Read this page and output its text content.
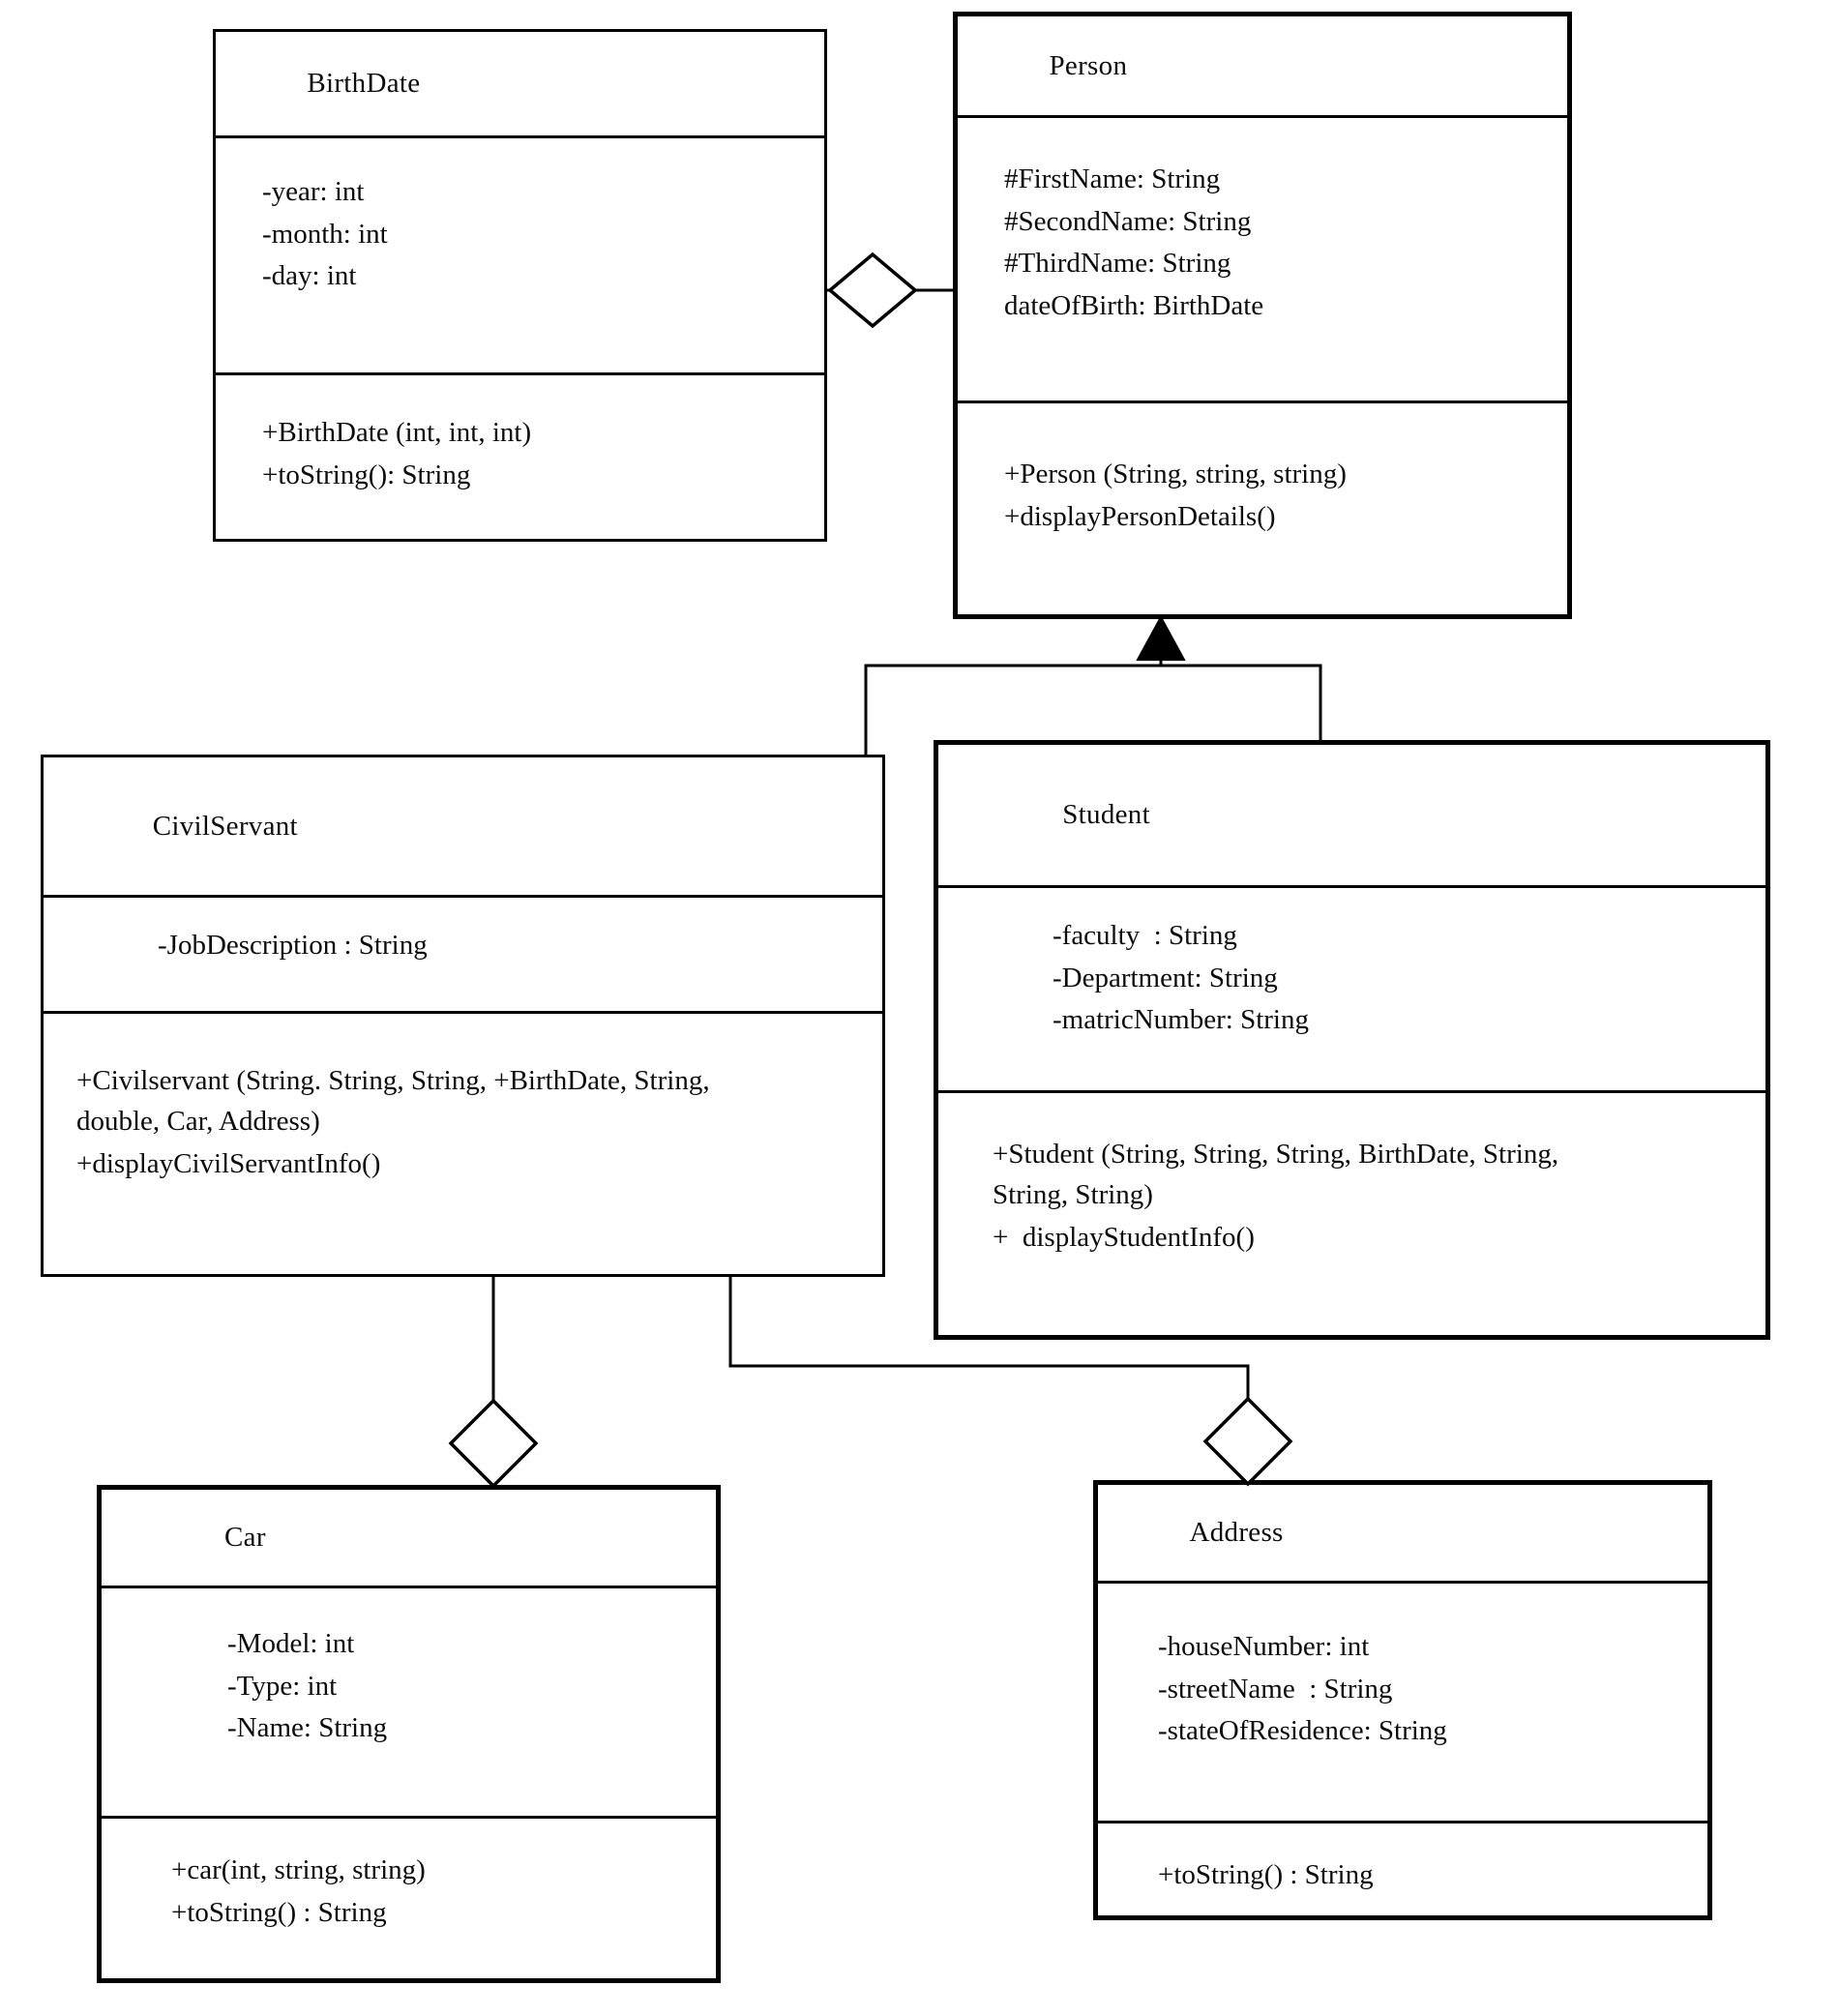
BirthDate
-year: int
-month: int
-day: int
+BirthDate (int, int, int)
+toString(): String
Person
#FirstName: String
#SecondName: String
#ThirdName: String
dateOfBirth: BirthDate
+Person (String, string, string)
+displayPersonDetails()
CivilServant
-JobDescription : String
+Civilservant (String. String, String, +BirthDate, String, double, Car, Address)
+displayCivilServantInfo()
Student
-faculty  : String
-Department: String
-matricNumber: String
+Student (String, String, String, BirthDate, String, String, String)
+  displayStudentInfo()
Car
-Model: int
-Type: int
-Name: String
+car(int, string, string)
+toString() : String
Address
-houseNumber: int
-streetName  : String
-stateOfResidence: String
+toString() : String
